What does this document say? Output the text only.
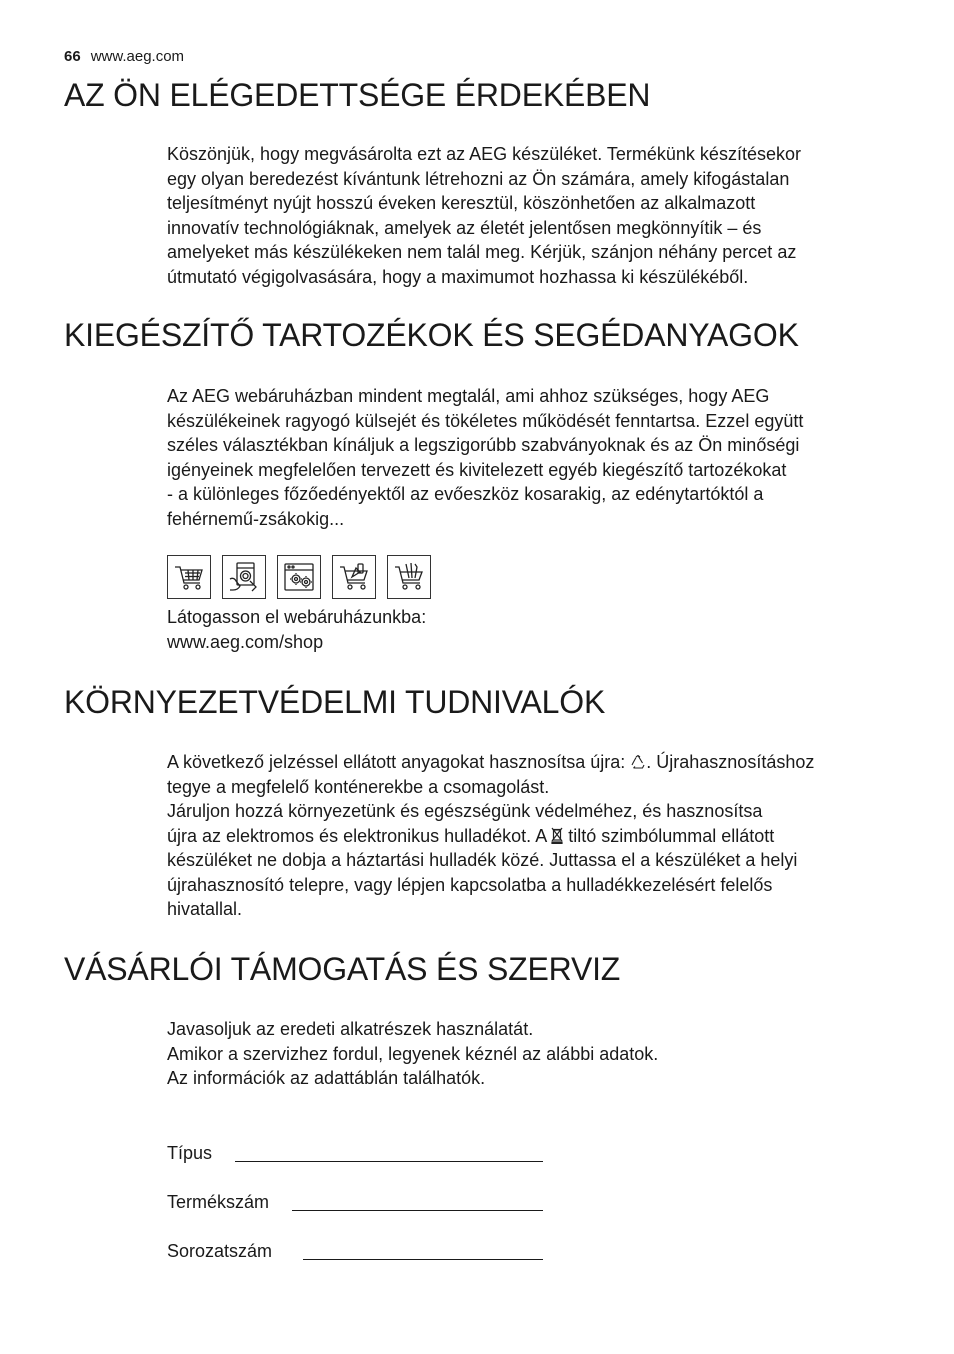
66 www.aeg.com
AZ ÖN ELÉGEDETTSÉGE ÉRDEKÉBEN

Köszönjük, hogy megvásárolta ezt az AEG készüléket. Termékünk készítésekor
egy olyan beredezést kívántunk létrehozni az Ön számára, amely kifogástalan
teljesítményt nyújt hosszú éveken keresztül, köszönhetően az alkalmazott
innovatív technológiáknak, amelyek az életét jelentősen megkönnyítik – és
amelyeket más készülékeken nem talál meg. Kérjük, szánjon néhány percet az
útmutató végigolvasására, hogy a maximumot hozhassa ki készülékéből.

KIEGÉSZÍTŐ TARTOZÉKOK ÉS SEGÉDANYAGOK

Az AEG webáruházban mindent megtalál, ami ahhoz szükséges, hogy AEG
készülékeinek ragyogó külsejét és tökéletes működését fenntartsa. Ezzel együtt
széles választékban kínáljuk a legszigorúbb szabványoknak és az Ön minőségi
igényeinek megfelelően tervezett és kivitelezett egyéb kiegészítő tartozékokat
- a különleges főzőedényektől az evőeszköz kosarakig, az edénytartóktól a
fehérnemű-zsákokig...

Látogasson el webáruházunkba:
www.aeg.com/shop

KÖRNYEZETVÉDELMI TUDNIVALÓK

A következő jelzéssel ellátott anyagokat hasznosítsa újra: . Újrahasznosításhoz
tegye a megfelelő konténerekbe a csomagolást.
Járuljon hozzá környezetünk és egészségünk védelméhez, és hasznosítsa
újra az elektromos és elektronikus hulladékot. A  tiltó szimbólummal ellátott
készüléket ne dobja a háztartási hulladék közé. Juttassa el a készüléket a helyi
újrahasznosító telepre, vagy lépjen kapcsolatba a hulladékkezelésért felelős
hivatallal.

VÁSÁRLÓI TÁMOGATÁS ÉS SZERVIZ

Javasoljuk az eredeti alkatrészek használatát.
Amikor a szervizhez fordul, legyenek kéznél az alábbi adatok.
Az információk az adattáblán találhatók.

Típus
Termékszám
Sorozatszám
